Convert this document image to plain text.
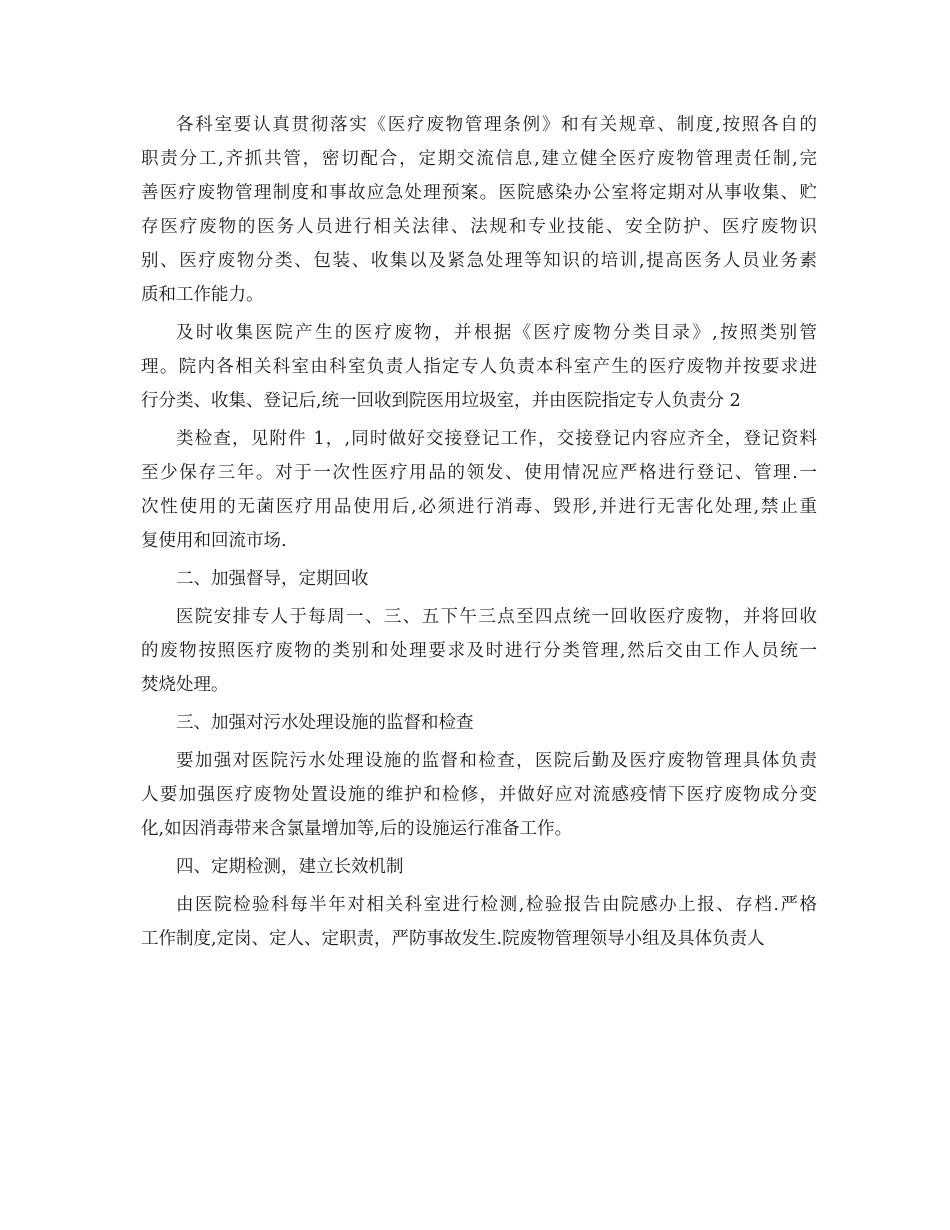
各科室要认真贯彻落实《医疗废物管理条例》和有关规章、制度,按照各自的
职责分工,齐抓共管，密切配合，定期交流信息,建立健全医疗废物管理责任制,完
善医疗废物管理制度和事故应急处理预案。医院感染办公室将定期对从事收集、贮
存医疗废物的医务人员进行相关法律、法规和专业技能、安全防护、医疗废物识
别、医疗废物分类、包装、收集以及紧急处理等知识的培训,提高医务人员业务素
质和工作能力。
及时收集医院产生的医疗废物，并根据《医疗废物分类目录》,按照类别管
理。院内各相关科室由科室负责人指定专人负责本科室产生的医疗废物并按要求进
行分类、收集、登记后,统一回收到院医用垃圾室，并由医院指定专人负责分 2
类检查，见附件 1，,同时做好交接登记工作，交接登记内容应齐全，登记资料
至少保存三年。对于一次性医疗用品的领发、使用情况应严格进行登记、管理.一
次性使用的无菌医疗用品使用后,必须进行消毒、毁形,并进行无害化处理,禁止重
复使用和回流市场.
二、加强督导，定期回收
医院安排专人于每周一、三、五下午三点至四点统一回收医疗废物，并将回收
的废物按照医疗废物的类别和处理要求及时进行分类管理,然后交由工作人员统一
焚烧处理。
三、加强对污水处理设施的监督和检查
要加强对医院污水处理设施的监督和检查，医院后勤及医疗废物管理具体负责
人要加强医疗废物处置设施的维护和检修，并做好应对流感疫情下医疗废物成分变
化,如因消毒带来含氯量增加等,后的设施运行准备工作。
四、定期检测，建立长效机制
由医院检验科每半年对相关科室进行检测,检验报告由院感办上报、存档.严格
工作制度,定岗、定人、定职责，严防事故发生.院废物管理领导小组及具体负责人
